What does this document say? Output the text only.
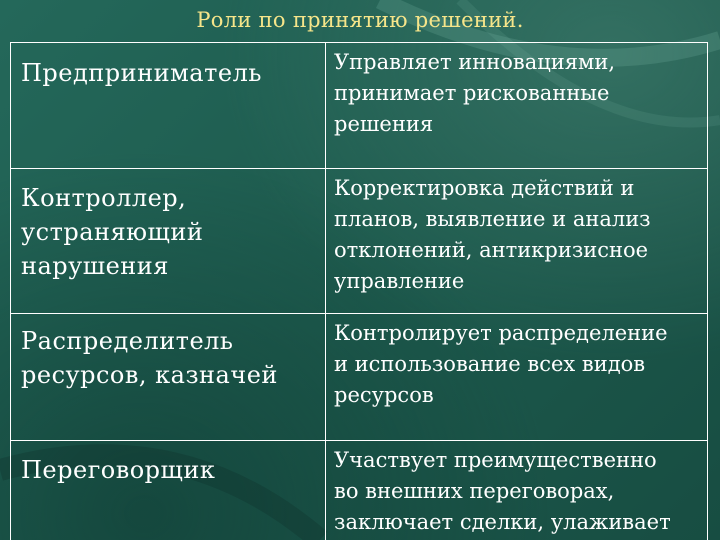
Роли по принятию решений.
Предприниматель	Управляет инновациями,
принимает рискованные
решения

Контроллер,
устраняющий
нарушения	Корректировка действий и
планов, выявление и анализ
отклонений, антикризисное
управление

Распределитель
ресурсов, казначей	Контролирует распределение
и использование всех видов
ресурсов

Переговорщик	Участвует преимущественно
во внешних переговорах,
заключает сделки, улаживает
